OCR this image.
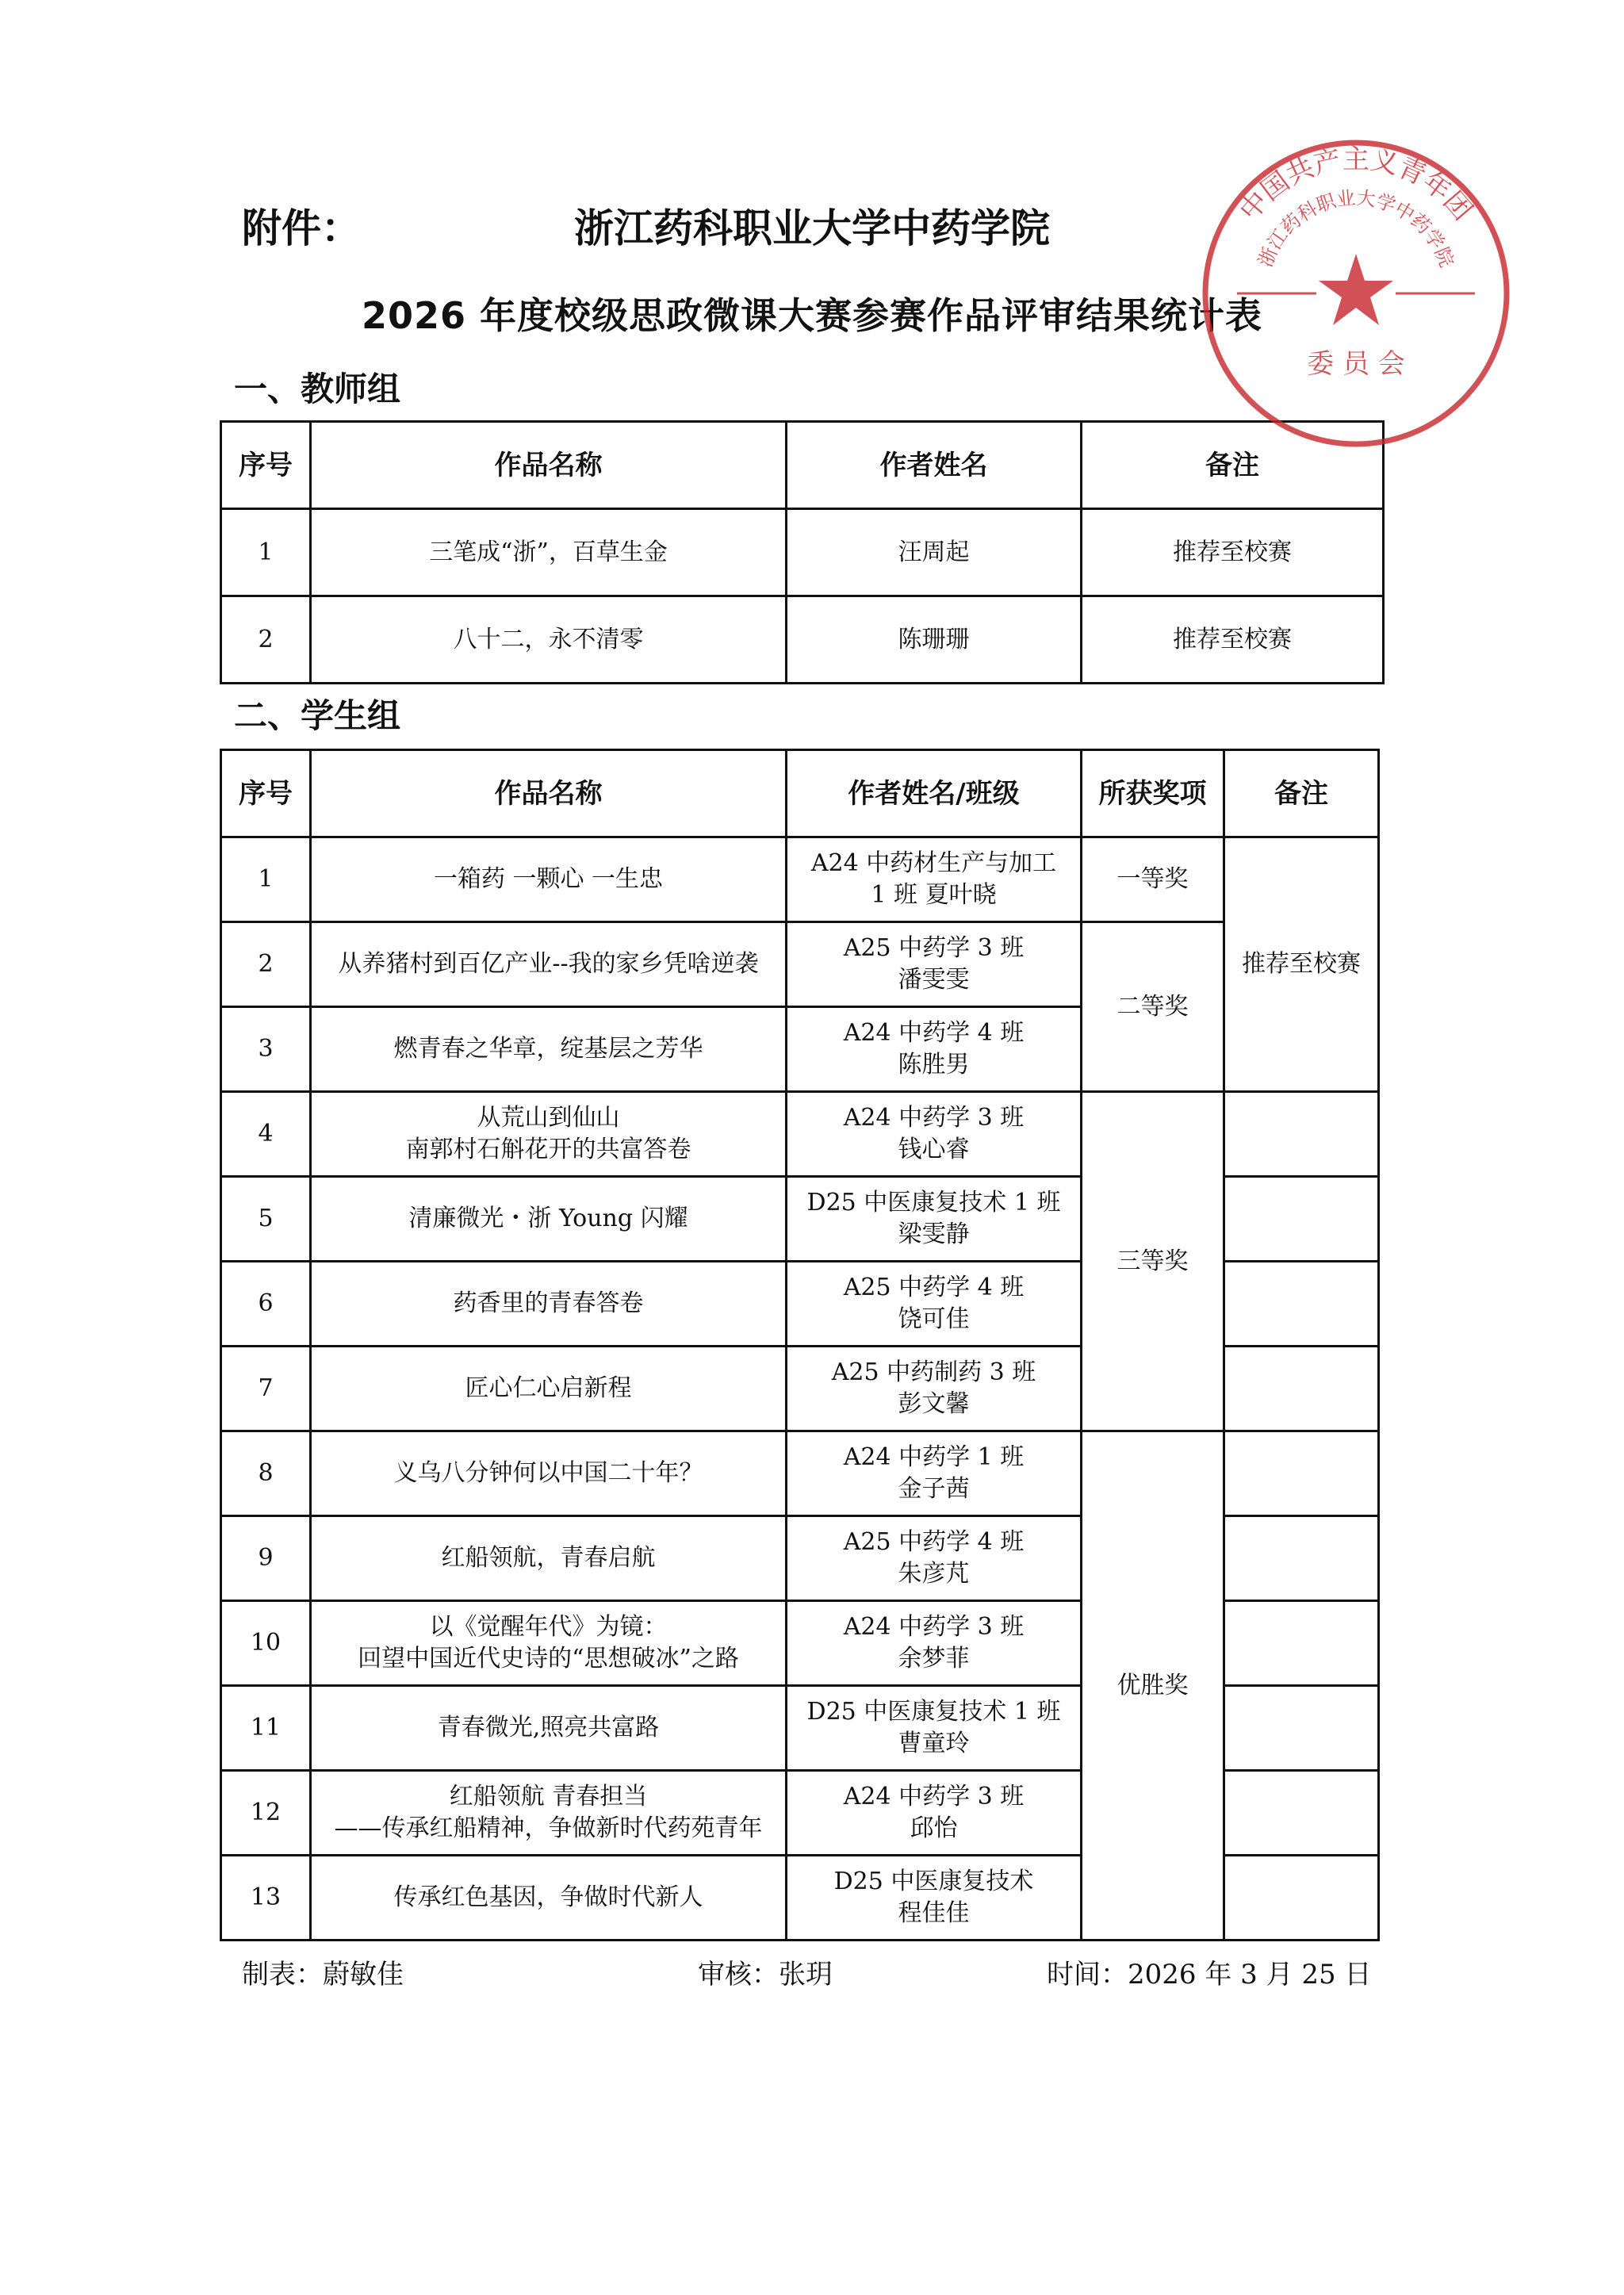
附件：	浙江药科职业大学中药学院
2026 年度校级思政微课大赛参赛作品评审结果统计表
一、教师组
序号	作品名称	作者姓名	备注
1	三笔成“浙”，百草生金	汪周起	推荐至校赛
2	八十二，永不清零	陈珊珊	推荐至校赛
二、学生组
序号	作品名称	作者姓名/班级	所获奖项	备注
1	一箱药 一颗心 一生忠	A24 中药材生产与加工
1 班 夏叶晓	一等奖	推荐至校赛
2	从养猪村到百亿产业--我的家乡凭啥逆袭	A25 中药学 3 班
潘雯雯	二等奖	
3	燃青春之华章，绽基层之芳华	A24 中药学 4 班
陈胜男		

4	从荒山到仙山
南郭村石斛花开的共富答卷	A24 中药学 3 班
钱心睿	三等奖	
5	清廉微光・浙 Young 闪耀	D25 中医康复技术 1 班
梁雯静		

6	药香里的青春答卷	A25 中药学 4 班
饶可佳		

7	匠心仁心启新程	A25 中药制药 3 班
彭文馨		

8	义乌八分钟何以中国二十年？	A24 中药学 1 班
金子茜	优胜奖	
9	红船领航，青春启航	A25 中药学 4 班
朱彦芃		

10	以《觉醒年代》为镜：
回望中国近代史诗的“思想破冰”之路	A24 中药学 3 班
余梦菲		

11	青春微光,照亮共富路	D25 中医康复技术 1 班
曹童玲		

12	红船领航 青春担当
——传承红船精神，争做新时代药苑青年	A24 中药学 3 班
邱怡		

13	传承红色基因，争做时代新人	D25 中医康复技术
程佳佳		

制表：蔚敏佳	审核：张玥	时间：2026 年 3 月 25 日
中国共产主义青年团
浙江药科职业大学中药学院
委 员 会
